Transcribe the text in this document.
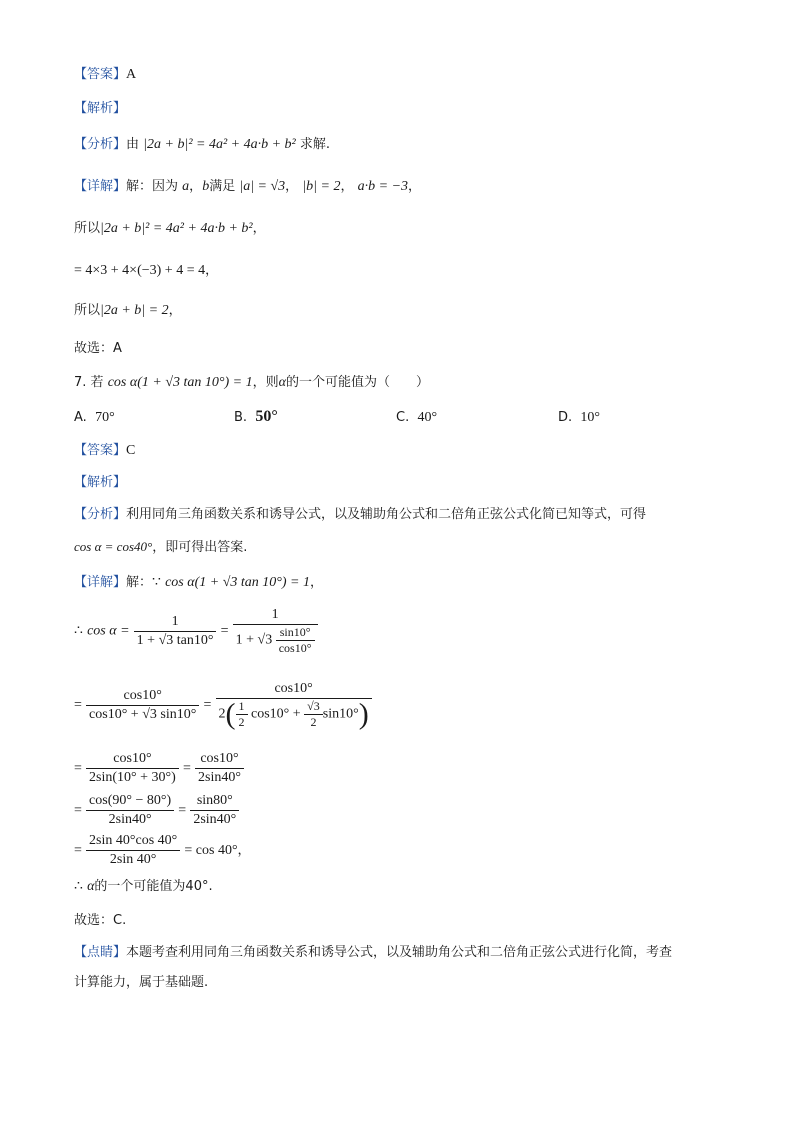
【答案】A
【解析】
【分析】由 |2a + b|² = 4a² + 4a·b + b² 求解.
【详解】解：因为 a，b满足 |a| = √3， |b| = 2， a·b = −3，
所以|2a + b|² = 4a² + 4a·b + b²，
= 4×3 + 4×(−3) + 4 = 4，
所以|2a + b| = 2，
故选：A
7. 若 cos α(1 + √3 tan 10°) = 1，则α的一个可能值为（　　）
A. 70°	B. 50°	C. 40°	D. 10°
【答案】C
【解析】
【分析】利用同角三角函数关系和诱导公式，以及辅助角公式和二倍角正弦公式化简已知等式，可得
cos α = cos40°，即可得出答案.
【详解】解：∵ cos α(1 + √3 tan 10°) = 1，
∴ $\cos \alpha = \frac{1}{1 + √3 \tan 10^\circ} = \frac{1}{1 + √3 \frac{\sin 10^\circ}{\cos 10^\circ}}$
= $\frac{\cos 10^\circ}{\cos 10^\circ + √3 \sin 10^\circ} = \frac{\cos 10^\circ}{2( \frac{1}{2} \cos 10^\circ + \frac{√3}{2} \sin 10^\circ)}$
= $\frac{\cos 10^\circ}{2\sin(10^\circ + 30^\circ)} = \frac{\cos 10^\circ}{2\sin 40^\circ}$
= $\frac{\cos(90^\circ - 80^\circ)}{2\sin 40^\circ} = \frac{\sin 80^\circ}{2\sin 40^\circ}$
= $\frac{2\sin 40^\circ\cos 40^\circ}{2\sin 40^\circ} = \cos 40^\circ$，
∴ α的一个可能值为40°.
故选：C.
【点睛】本题考查利用同角三角函数关系和诱导公式，以及辅助角公式和二倍角正弦公式进行化简，考查
计算能力，属于基础题.
